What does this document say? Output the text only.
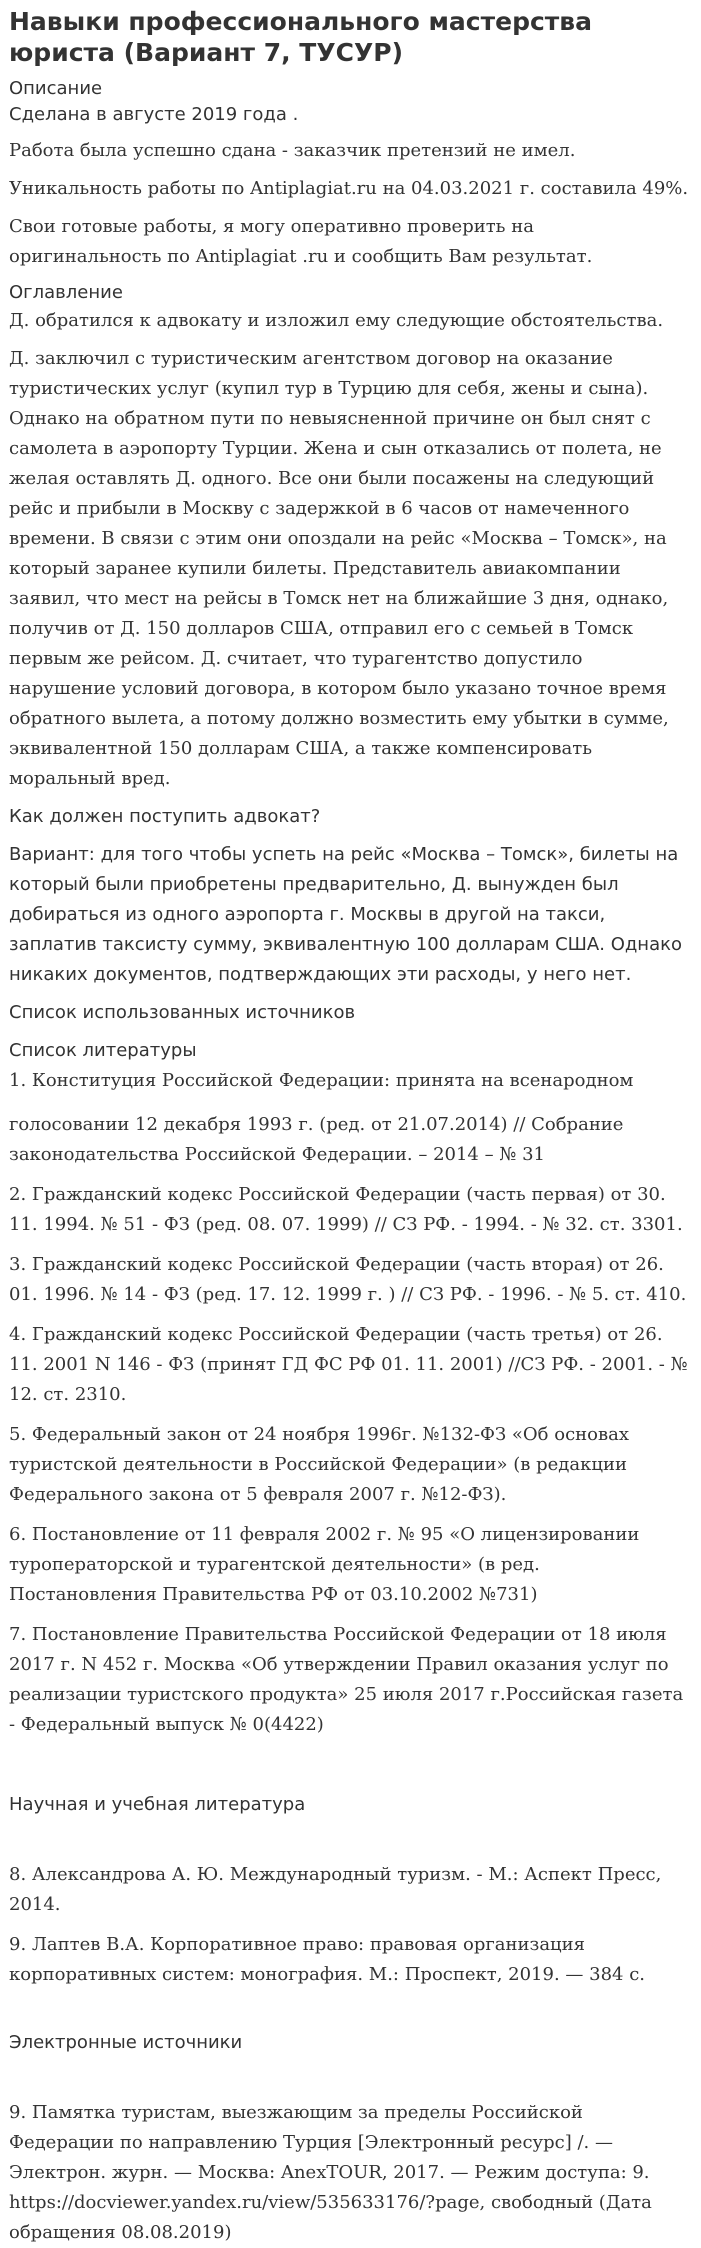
Навыки профессионального мастерства юриста (Вариант 7, ТУСУР)
Описание

Сделана в августе 2019 года .

Работа была успешно сдана - заказчик претензий не имел.

Уникальность работы по Antiplagiat.ru на 04.03.2021 г. составила 49%.

Свои готовые работы, я могу оперативно проверить на оригинальность по Antiplagiat .ru и сообщить Вам результат.

Оглавление

Д. обратился к адвокату и изложил ему следующие обстоятельства.

Д. заключил с туристическим агентством договор на оказание туристических услуг (купил тур в Турцию для себя, жены и сына). Однако на обратном пути по невыясненной причине он был снят с самолета в аэропорту Турции. Жена и сын отказались от полета, не желая оставлять Д. одного. Все они были посажены на следующий рейс и прибыли в Москву с задержкой в 6 часов от намеченного времени. В связи с этим они опоздали на рейс «Москва – Томск», на который заранее купили билеты. Представитель авиакомпании заявил, что мест на рейсы в Томск нет на ближайшие 3 дня, однако, получив от Д. 150 долларов США, отправил его с семьей в Томск первым же рейсом. Д. считает, что турагентство допустило нарушение условий договора, в котором было указано точное время обратного вылета, а потому должно возместить ему убытки в сумме, эквивалентной 150 долларам США, а также компенсировать моральный вред.

Как должен поступить адвокат?

Вариант: для того чтобы успеть на рейс «Москва – Томск», билеты на который были приобретены предварительно, Д. вынужден был добираться из одного аэропорта г. Москвы в другой на такси, заплатив таксисту сумму, эквивалентную 100 долларам США. Однако никаких документов, подтверждающих эти расходы, у него нет.

Список использованных источников
Список литературы
1. Конституция Российской Федерации: принята на всенародном
голосовании 12 декабря 1993 г. (ред. от 21.07.2014) // Собрание законодательства Российской Федерации. – 2014 – № 31

2. Гражданский кодекс Российской Федерации (часть первая) от 30. 11. 1994. № 51 - ФЗ (ред. 08. 07. 1999) // СЗ РФ. - 1994. - № 32. ст. 3301.

3. Гражданский кодекс Российской Федерации (часть вторая) от 26. 01. 1996. № 14 - ФЗ (ред. 17. 12. 1999 г. ) // СЗ РФ. - 1996. - № 5. ст. 410.

4. Гражданский кодекс Российской Федерации (часть третья) от 26. 11. 2001 N 146 - ФЗ (принят ГД ФС РФ 01. 11. 2001) //СЗ РФ. - 2001. - № 12. ст. 2310.

5. Федеральный закон от 24 ноября 1996г. №132-ФЗ «Об основах туристской деятельности в Российской Федерации» (в редакции Федерального закона от 5 февраля 2007 г. №12-ФЗ).

6. Постановление от 11 февраля 2002 г. № 95 «О лицензировании туроператорской и турагентской деятельности» (в ред. Постановления Правительства РФ от 03.10.2002 №731)

7. Постановление Правительства Российской Федерации от 18 июля 2017 г. N 452 г. Москва «Об утверждении Правил оказания услуг по реализации туристского продукта» 25 июля 2017 г.Российская газета - Федеральный выпуск № 0(4422)

Научная и учебная литература

8. Александрова А. Ю. Международный туризм. - М.: Аспект Пресс, 2014.

9. Лаптев В.А. Корпоративное право: правовая организация корпоративных систем: монография. М.: Проспект, 2019. — 384 с.

Электронные источники

9. Памятка туристам, выезжающим за пределы Российской Федерации по направлению Турция [Электронный ресурс] /. — Электрон. журн. — Москва: AnexTOUR, 2017. — Режим доступа: 9. https://docviewer.yandex.ru/view/535633176/?page, свободный (Дата обращения 08.08.2019)
